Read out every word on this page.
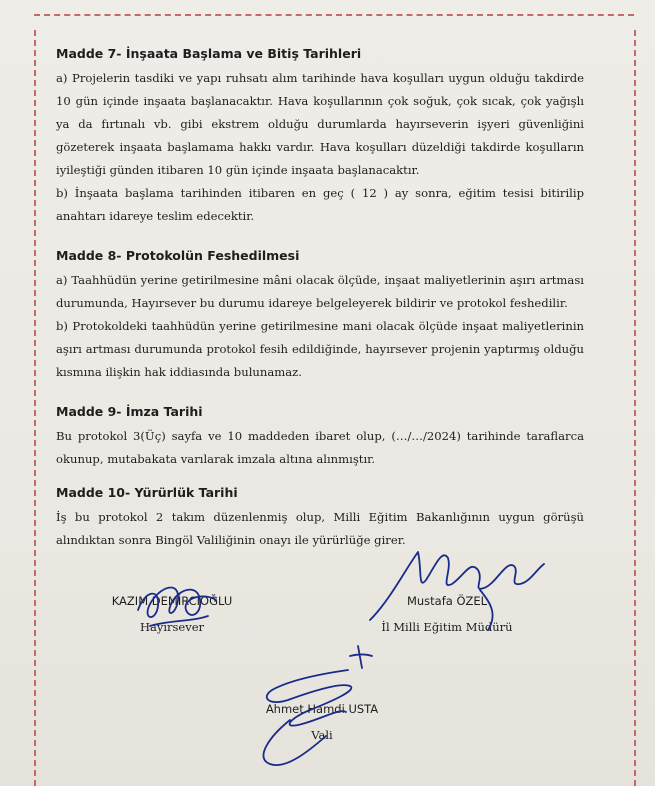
Madde 7- İnşaata Başlama ve Bitiş Tarihleri

a) Projelerin tasdiki ve yapı ruhsatı alım tarihinde hava koşulları uygun olduğu takdirde 10 gün içinde inşaata başlanacaktır. Hava koşullarının çok soğuk, çok sıcak, çok yağışlı ya da fırtınalı vb. gibi ekstrem olduğu durumlarda hayırseverin işyeri güvenliğini gözeterek inşaata başlamama hakkı vardır. Hava koşulları düzeldiği takdirde koşulların iyileştiği günden itibaren 10 gün içinde inşaata başlanacaktır.

b) İnşaata başlama tarihinden itibaren en geç ( 12 ) ay sonra, eğitim tesisi bitirilip anahtarı idareye teslim edecektir.

Madde 8- Protokolün Feshedilmesi

a) Taahhüdün yerine getirilmesine mâni olacak ölçüde, inşaat maliyetlerinin aşırı artması durumunda, Hayırsever bu durumu idareye belgeleyerek bildirir ve protokol feshedilir.

b) Protokoldeki taahhüdün yerine getirilmesine mani olacak ölçüde inşaat maliyetlerinin aşırı artması durumunda protokol fesih edildiğinde, hayırsever projenin yaptırmış olduğu kısmına ilişkin hak iddiasında bulunamaz.

Madde 9- İmza Tarihi

Bu protokol 3(Üç) sayfa ve 10 maddeden ibaret olup, (…/…/2024) tarihinde taraflarca okunup, mutabakata varılarak imzala altına alınmıştır.

Madde 10- Yürürlük Tarihi

İş bu protokol 2 takım düzenlenmiş olup, Milli Eğitim Bakanlığının uygun görüşü alındıktan sonra Bingöl Valiliğinin onayı ile yürürlüğe girer.

KAZIM DEMİRCİOĞLU
Hayırsever
Mustafa ÖZEL
İl Milli Eğitim Müdürü
Ahmet Hamdi USTA
Vali
